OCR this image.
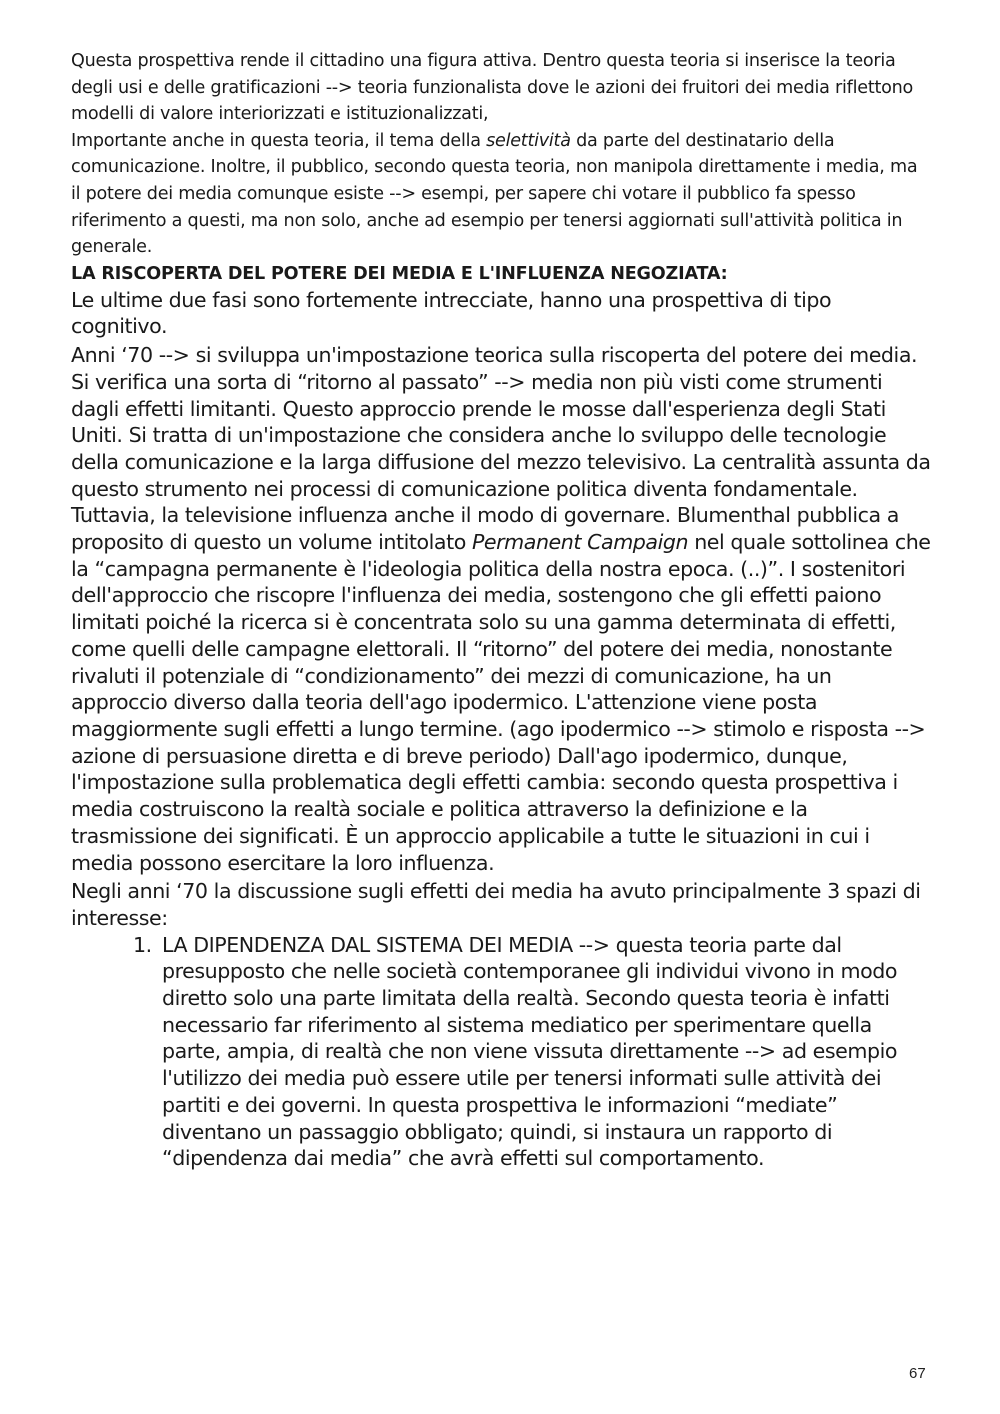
Questa prospettiva rende il cittadino una figura attiva. Dentro questa teoria si inserisce la teoria degli usi e delle gratificazioni --> teoria funzionalista dove le azioni dei fruitori dei media riflettono modelli di valore interiorizzati e istituzionalizzati,

Importante anche in questa teoria, il tema della selettività da parte del destinatario della comunicazione. Inoltre, il pubblico, secondo questa teoria, non manipola direttamente i media, ma il potere dei media comunque esiste --> esempi, per sapere chi votare il pubblico fa spesso riferimento a questi, ma non solo, anche ad esempio per tenersi aggiornati sull'attività politica in generale.

LA RISCOPERTA DEL POTERE DEI MEDIA E L'INFLUENZA NEGOZIATA:

Le ultime due fasi sono fortemente intrecciate, hanno una prospettiva di tipo cognitivo.

Anni ‘70 --> si sviluppa un'impostazione teorica sulla riscoperta del potere dei media. Si verifica una sorta di “ritorno al passato” --> media non più visti come strumenti dagli effetti limitanti. Questo approccio prende le mosse dall'esperienza degli Stati Uniti. Si tratta di un'impostazione che considera anche lo sviluppo delle tecnologie della comunicazione e la larga diffusione del mezzo televisivo. La centralità assunta da questo strumento nei processi di comunicazione politica diventa fondamentale. Tuttavia, la televisione influenza anche il modo di governare. Blumenthal pubblica a proposito di questo un volume intitolato Permanent Campaign nel quale sottolinea che la “campagna permanente è l'ideologia politica della nostra epoca. (..)”. I sostenitori dell'approccio che riscopre l'influenza dei media, sostengono che gli effetti paiono limitati poiché la ricerca si è concentrata solo su una gamma determinata di effetti, come quelli delle campagne elettorali. Il “ritorno” del potere dei media, nonostante rivaluti il potenziale di “condizionamento” dei mezzi di comunicazione, ha un approccio diverso dalla teoria dell'ago ipodermico. L'attenzione viene posta maggiormente sugli effetti a lungo termine. (ago ipodermico --> stimolo e risposta --> azione di persuasione diretta e di breve periodo) Dall'ago ipodermico, dunque, l'impostazione sulla problematica degli effetti cambia: secondo questa prospettiva i media costruiscono la realtà sociale e politica attraverso la definizione e la trasmissione dei significati. È un approccio applicabile a tutte le situazioni in cui i media possono esercitare la loro influenza.

Negli anni ‘70 la discussione sugli effetti dei media ha avuto principalmente 3 spazi di interesse:

1. LA DIPENDENZA DAL SISTEMA DEI MEDIA --> questa teoria parte dal presupposto che nelle società contemporanee gli individui vivono in modo diretto solo una parte limitata della realtà. Secondo questa teoria è infatti necessario far riferimento al sistema mediatico per sperimentare quella parte, ampia, di realtà che non viene vissuta direttamente --> ad esempio l'utilizzo dei media può essere utile per tenersi informati sulle attività dei partiti e dei governi. In questa prospettiva le informazioni “mediate” diventano un passaggio obbligato; quindi, si instaura un rapporto di “dipendenza dai media” che avrà effetti sul comportamento.
67
